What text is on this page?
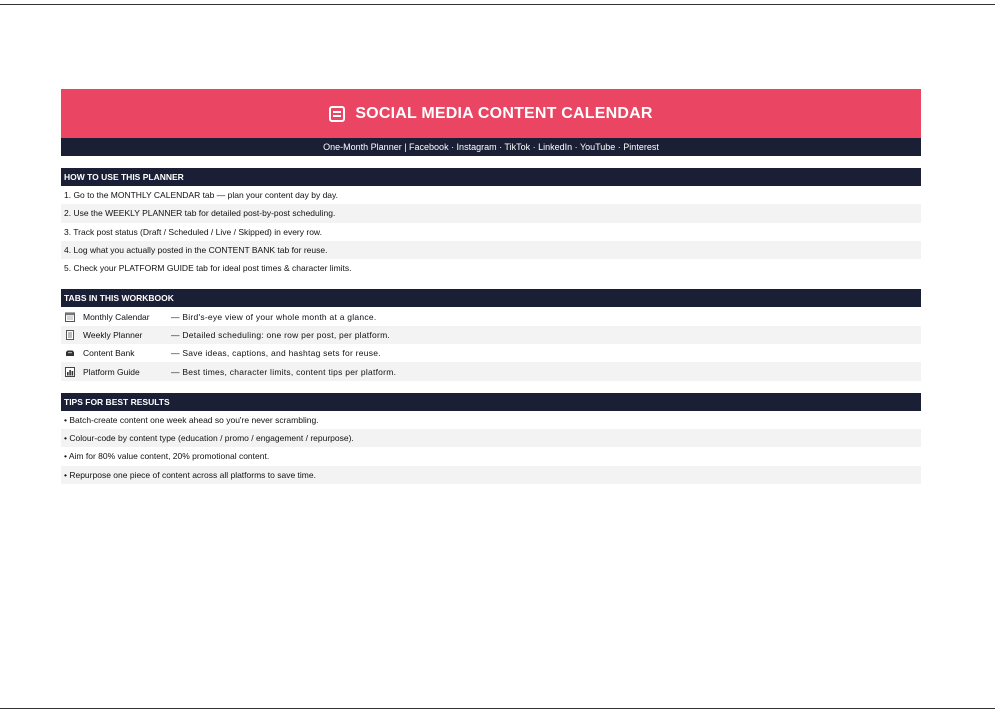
SOCIAL MEDIA CONTENT CALENDAR
One-Month Planner | Facebook · Instagram · TikTok · LinkedIn · YouTube · Pinterest
HOW TO USE THIS PLANNER
1. Go to the MONTHLY CALENDAR tab — plan your content day by day.
2. Use the WEEKLY PLANNER tab for detailed post-by-post scheduling.
3. Track post status (Draft / Scheduled / Live / Skipped) in every row.
4. Log what you actually posted in the CONTENT BANK tab for reuse.
5. Check your PLATFORM GUIDE tab for ideal post times & character limits.
TABS IN THIS WORKBOOK
Monthly Calendar	— Bird's-eye view of your whole month at a glance.
Weekly Planner	— Detailed scheduling: one row per post, per platform.
Content Bank	— Save ideas, captions, and hashtag sets for reuse.
Platform Guide	— Best times, character limits, content tips per platform.
TIPS FOR BEST RESULTS
• Batch-create content one week ahead so you're never scrambling.
• Colour-code by content type (education / promo / engagement / repurpose).
• Aim for 80% value content, 20% promotional content.
• Repurpose one piece of content across all platforms to save time.
